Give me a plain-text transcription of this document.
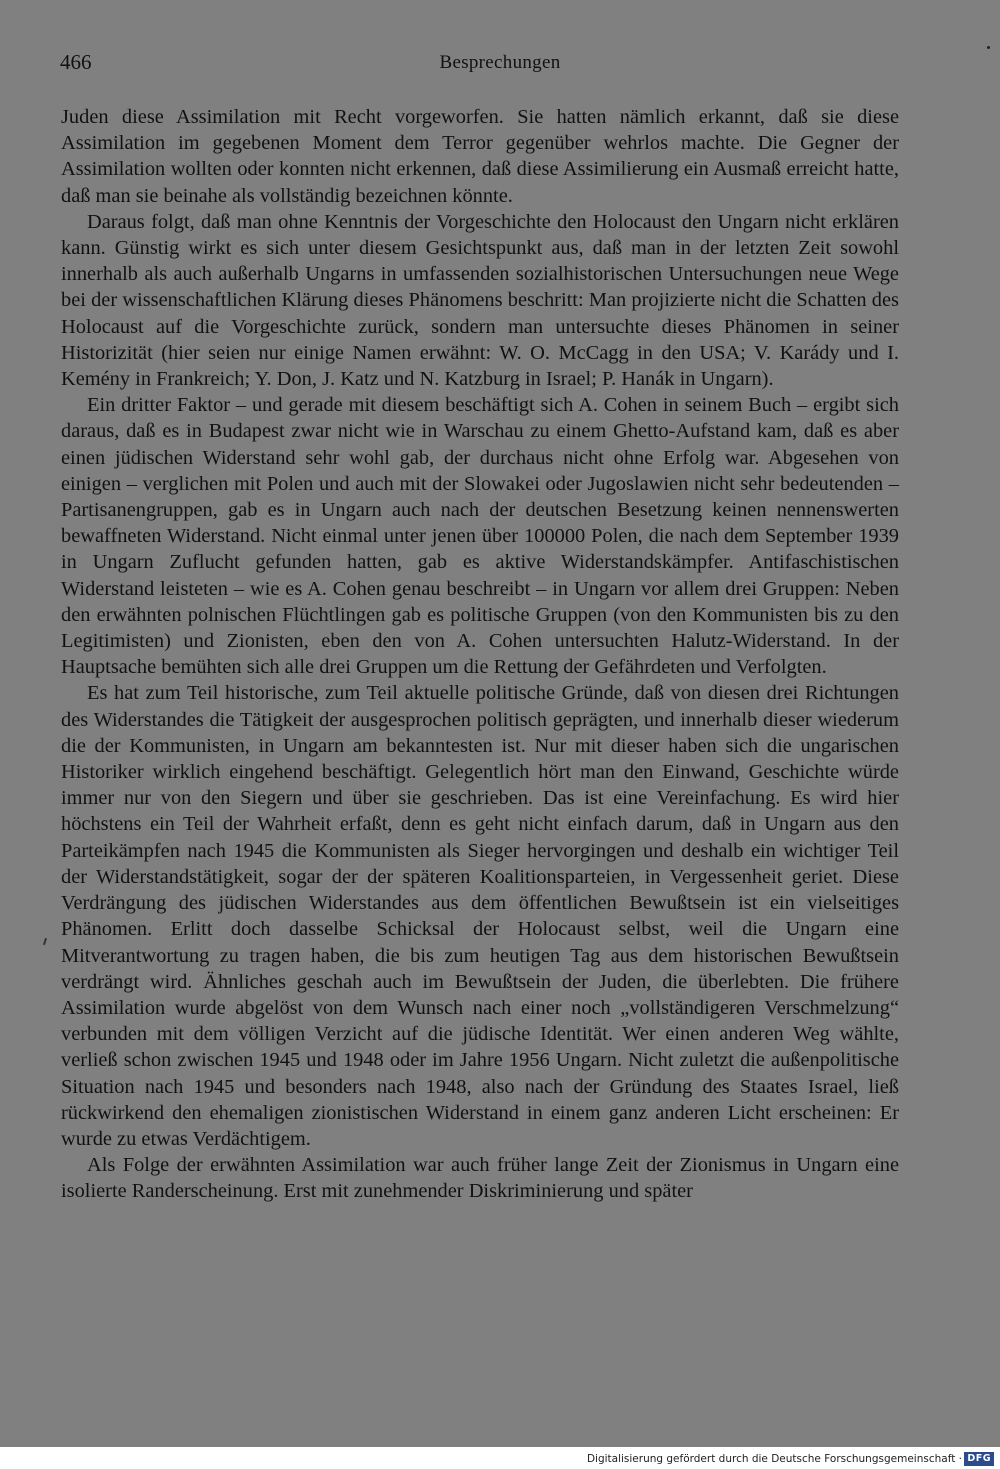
466	Besprechungen

Juden diese Assimilation mit Recht vorgeworfen. Sie hatten nämlich erkannt, daß sie diese Assimilation im gegebenen Moment dem Terror gegenüber wehrlos machte. Die Gegner der Assimilation wollten oder konnten nicht erkennen, daß diese Assimilierung ein Ausmaß erreicht hatte, daß man sie beinahe als vollständig bezeichnen könnte.

Daraus folgt, daß man ohne Kenntnis der Vorgeschichte den Holocaust den Ungarn nicht erklären kann. Günstig wirkt es sich unter diesem Gesichtspunkt aus, daß man in der letzten Zeit sowohl innerhalb als auch außerhalb Ungarns in umfassenden sozialhistorischen Untersuchungen neue Wege bei der wissenschaftlichen Klärung dieses Phänomens beschritt: Man projizierte nicht die Schatten des Holocaust auf die Vorgeschichte zurück, sondern man untersuchte dieses Phänomen in seiner Historizität (hier seien nur einige Namen erwähnt: W. O. McCagg in den USA; V. Karády und I. Kemény in Frankreich; Y. Don, J. Katz und N. Katzburg in Israel; P. Hanák in Ungarn).

Ein dritter Faktor – und gerade mit diesem beschäftigt sich A. Cohen in seinem Buch – ergibt sich daraus, daß es in Budapest zwar nicht wie in Warschau zu einem Ghetto-Aufstand kam, daß es aber einen jüdischen Widerstand sehr wohl gab, der durchaus nicht ohne Erfolg war. Abgesehen von einigen – verglichen mit Polen und auch mit der Slowakei oder Jugoslawien nicht sehr bedeutenden – Partisanengruppen, gab es in Ungarn auch nach der deutschen Besetzung keinen nennenswerten bewaffneten Widerstand. Nicht einmal unter jenen über 100000 Polen, die nach dem September 1939 in Ungarn Zuflucht gefunden hatten, gab es aktive Widerstandskämpfer. Antifaschistischen Widerstand leisteten – wie es A. Cohen genau beschreibt – in Ungarn vor allem drei Gruppen: Neben den erwähnten polnischen Flüchtlingen gab es politische Gruppen (von den Kommunisten bis zu den Legitimisten) und Zionisten, eben den von A. Cohen untersuchten Halutz-Widerstand. In der Hauptsache bemühten sich alle drei Gruppen um die Rettung der Gefährdeten und Verfolgten.

Es hat zum Teil historische, zum Teil aktuelle politische Gründe, daß von diesen drei Richtungen des Widerstandes die Tätigkeit der ausgesprochen politisch geprägten, und innerhalb dieser wiederum die der Kommunisten, in Ungarn am bekanntesten ist. Nur mit dieser haben sich die ungarischen Historiker wirklich eingehend beschäftigt. Gelegentlich hört man den Einwand, Geschichte würde immer nur von den Siegern und über sie geschrieben. Das ist eine Vereinfachung. Es wird hier höchstens ein Teil der Wahrheit erfaßt, denn es geht nicht einfach darum, daß in Ungarn aus den Parteikämpfen nach 1945 die Kommunisten als Sieger hervorgingen und deshalb ein wichtiger Teil der Widerstandstätigkeit, sogar der der späteren Koalitionsparteien, in Vergessenheit geriet. Diese Verdrängung des jüdischen Widerstandes aus dem öffentlichen Bewußtsein ist ein vielseitiges Phänomen. Erlitt doch dasselbe Schicksal der Holocaust selbst, weil die Ungarn eine Mitverantwortung zu tragen haben, die bis zum heutigen Tag aus dem historischen Bewußtsein verdrängt wird. Ähnliches geschah auch im Bewußtsein der Juden, die überlebten. Die frühere Assimilation wurde abgelöst von dem Wunsch nach einer noch „vollständigeren Verschmelzung“ verbunden mit dem völligen Verzicht auf die jüdische Identität. Wer einen anderen Weg wählte, verließ schon zwischen 1945 und 1948 oder im Jahre 1956 Ungarn. Nicht zuletzt die außenpolitische Situation nach 1945 und besonders nach 1948, also nach der Gründung des Staates Israel, ließ rückwirkend den ehemaligen zionistischen Widerstand in einem ganz anderen Licht erscheinen: Er wurde zu etwas Verdächtigem.

Als Folge der erwähnten Assimilation war auch früher lange Zeit der Zionismus in Ungarn eine isolierte Randerscheinung. Erst mit zunehmender Diskriminierung und später

Digitalisierung gefördert durch die Deutsche Forschungsgemeinschaft · DFG
